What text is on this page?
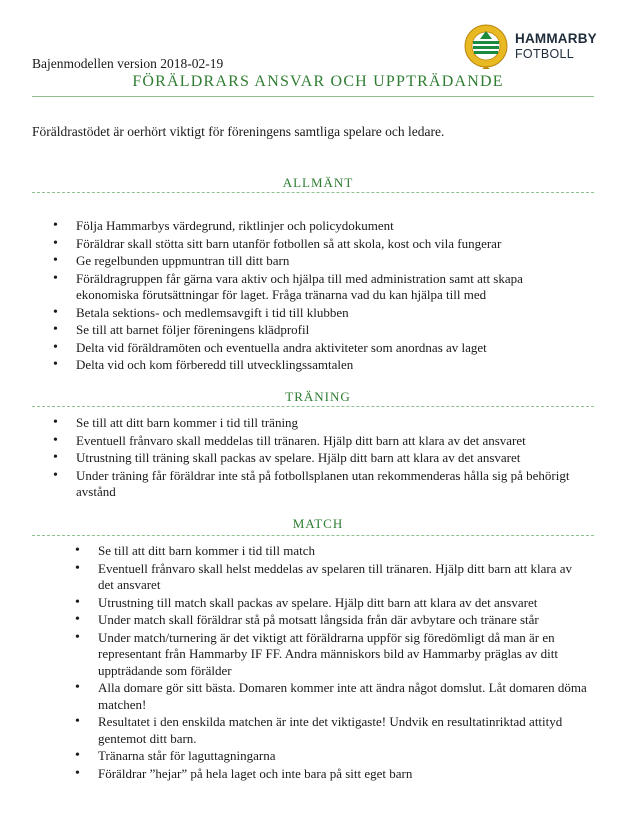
HAMMARBY
FOTBOLL
Bajenmodellen version 2018-02-19
FÖRÄLDRARS ANSVAR OCH UPPTRÄDANDE
Föräldrastödet är oerhört viktigt för föreningens samtliga spelare och ledare.
ALLMÄNT
• Följa Hammarbys värdegrund, riktlinjer och policydokument
• Föräldrar skall stötta sitt barn utanför fotbollen så att skola, kost och vila fungerar
• Ge regelbunden uppmuntran till ditt barn
• Föräldragruppen får gärna vara aktiv och hjälpa till med administration samt att skapa ekonomiska förutsättningar för laget. Fråga tränarna vad du kan hjälpa till med
• Betala sektions- och medlemsavgift i tid till klubben
• Se till att barnet följer föreningens klädprofil
• Delta vid föräldramöten och eventuella andra aktiviteter som anordnas av laget
• Delta vid och kom förberedd till utvecklingssamtalen
TRÄNING
• Se till att ditt barn kommer i tid till träning
• Eventuell frånvaro skall meddelas till tränaren. Hjälp ditt barn att klara av det ansvaret
• Utrustning till träning skall packas av spelare. Hjälp ditt barn att klara av det ansvaret
• Under träning får föräldrar inte stå på fotbollsplanen utan rekommenderas hålla sig på behörigt avstånd
MATCH
• Se till att ditt barn kommer i tid till match
• Eventuell frånvaro skall helst meddelas av spelaren till tränaren. Hjälp ditt barn att klara av det ansvaret
• Utrustning till match skall packas av spelare. Hjälp ditt barn att klara av det ansvaret
• Under match skall föräldrar stå på motsatt långsida från där avbytare och tränare står
• Under match/turnering är det viktigt att föräldrarna uppför sig föredömligt då man är en representant från Hammarby IF FF. Andra människors bild av Hammarby präglas av ditt uppträdande som förälder
• Alla domare gör sitt bästa. Domaren kommer inte att ändra något domslut. Låt domaren döma matchen!
• Resultatet i den enskilda matchen är inte det viktigaste! Undvik en resultatinriktad attityd gentemot ditt barn.
• Tränarna står för laguttagningarna
• Föräldrar ”hejar” på hela laget och inte bara på sitt eget barn
